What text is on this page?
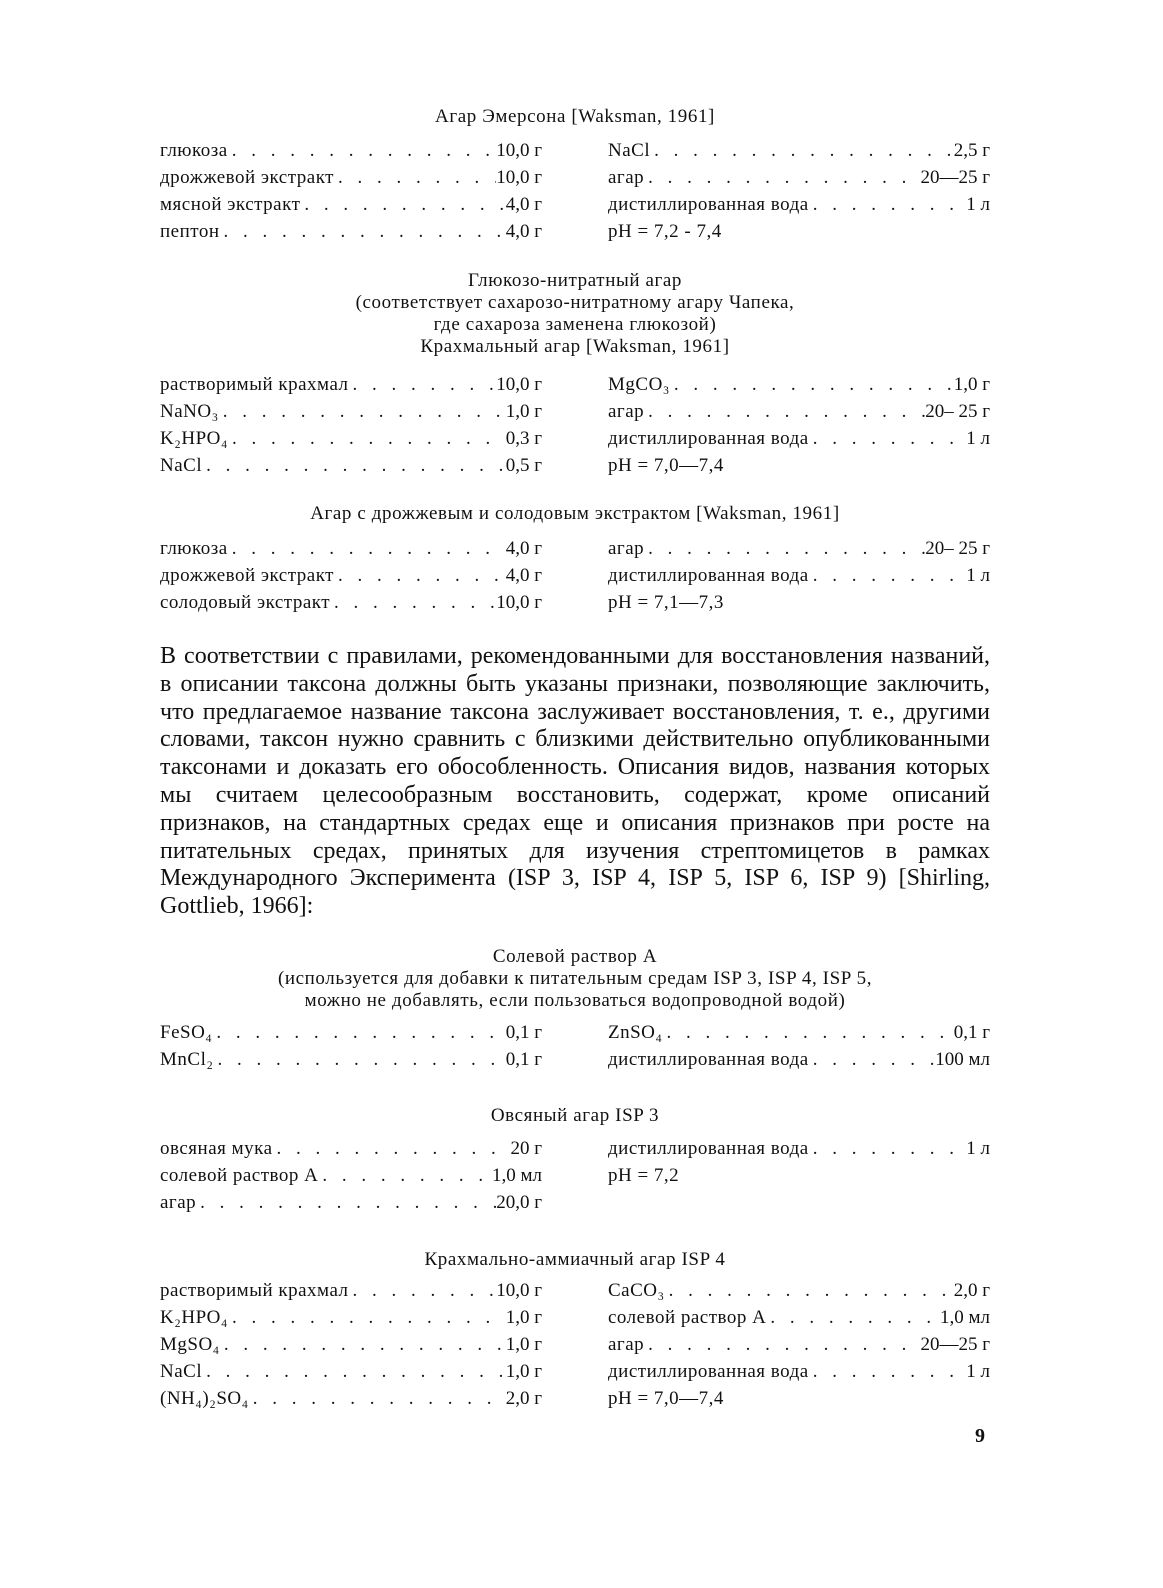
Агар Эмерсона [Waksman, 1961]
глюкоза . . .	10,0 г	NaCl . . .	2,5 г
дрожжевой экстракт . . .	10,0 г	агар . . .	20—25 г
мясной экстракт . . .	4,0 г	дистиллированная вода . . .	1 л
пептон . . .	4,0 г	pH = 7,2 - 7,4
Глюкозо-нитратный агар
(соответствует сахарозо-нитратному агару Чапека,
где сахароза заменена глюкозой)
Крахмальный агар [Waksman, 1961]
растворимый крахмал . . .	10,0 г	MgCO₃ . . .	1,0 г
NaNO₃ . . .	1,0 г	агар . . .	20– 25 г
K₂HPO₄ . . .	0,3 г	дистиллированная вода . . .	1 л
NaCl . . .	0,5 г	pH = 7,0—7,4
Агар с дрожжевым и солодовым экстрактом [Waksman, 1961]
глюкоза . . .	4,0 г	агар . . .	20– 25 г
дрожжевой экстракт . . .	4,0 г	дистиллированная вода . . .	1 л
солодовый экстракт . . .	10,0 г	pH = 7,1—7,3
В соответствии с правилами, рекомендованными для восстановления названий, в описании таксона должны быть указаны признаки, позволяющие заключить, что предлагаемое название таксона заслуживает восстановления, т. е., другими словами, таксон нужно сравнить с близкими действительно опубликованными таксонами и доказать его обособленность. Описания видов, названия которых мы считаем целесообразным восстановить, содержат, кроме описаний признаков, на стандартных средах еще и описания признаков при росте на питательных средах, принятых для изучения стрептомицетов в рамках Международного Эксперимента (ISP 3, ISP 4, ISP 5, ISP 6, ISP 9) [Shirling, Gottlieb, 1966]:
Солевой раствор А
(используется для добавки к питательным средам ISP 3, ISP 4, ISP 5,
можно не добавлять, если пользоваться водопроводной водой)
FeSO₄ . . .	0,1 г	ZnSO₄ . . .	0,1 г
MnCl₂ . . .	0,1 г	дистиллированная вода . . .	100 мл
Овсяный агар ISP 3
овсяная мука . . .	20 г	дистиллированная вода . . .	1 л
солевой раствор А . . .	1,0 мл	pH = 7,2
агар . . .	20,0 г
Крахмально-аммиачный агар ISP 4
растворимый крахмал . . .	10,0 г	CaCO₃ . . .	2,0 г
K₂HPO₄ . . .	1,0 г	солевой раствор А . . .	1,0 мл
MgSO₄ . . .	1,0 г	агар . . .	20—25 г
NaCl . . .	1,0 г	дистиллированная вода . . .	1 л
(NH₄)₂SO₄ . . .	2,0 г	pH = 7,0—7,4
9
